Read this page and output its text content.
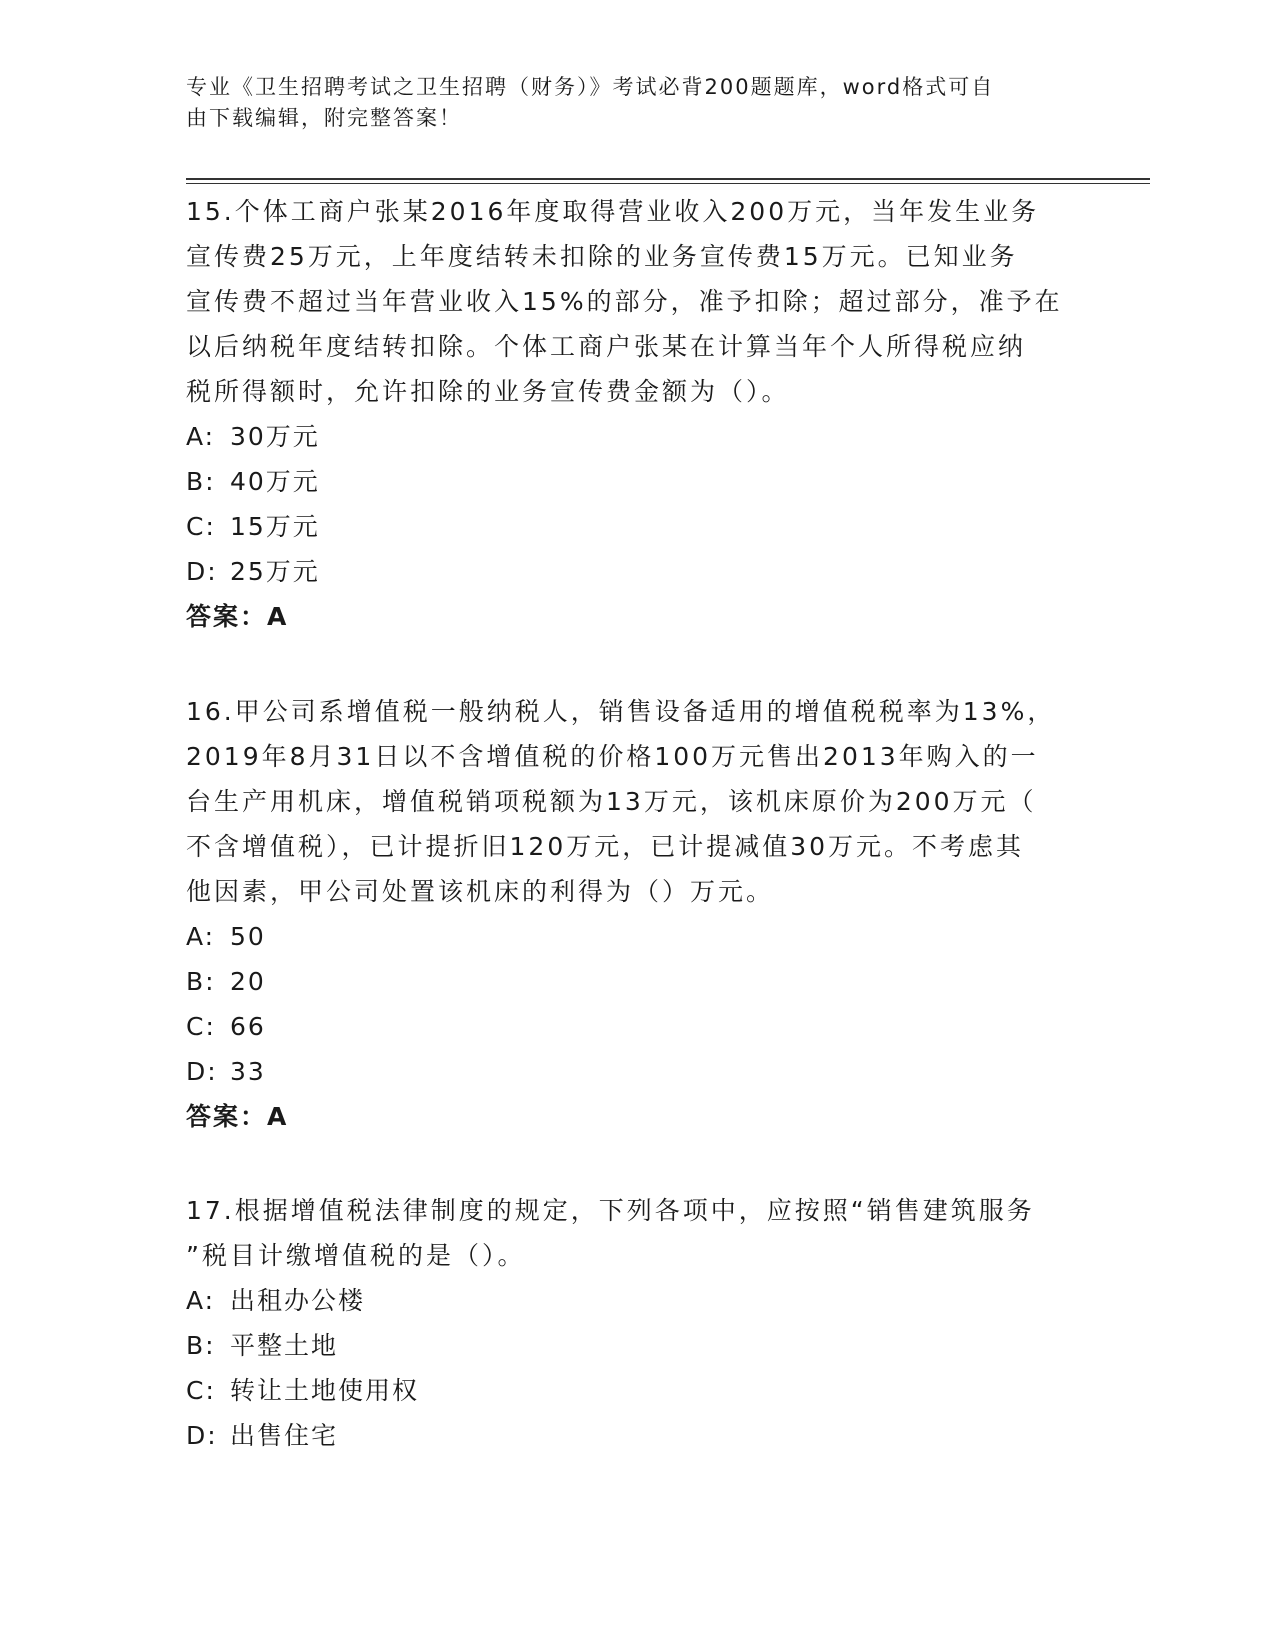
专业《卫生招聘考试之卫生招聘（财务）》考试必背200题题库，word格式可自
由下载编辑，附完整答案！

15.个体工商户张某2016年度取得营业收入200万元，当年发生业务

宣传费25万元，上年度结转未扣除的业务宣传费15万元。已知业务

宣传费不超过当年营业收入15%的部分，准予扣除；超过部分，准予在

以后纳税年度结转扣除。个体工商户张某在计算当年个人所得税应纳

税所得额时，允许扣除的业务宣传费金额为（）。

A: 30万元

B: 40万元

C: 15万元

D: 25万元

答案：A

16.甲公司系增值税一般纳税人，销售设备适用的增值税税率为13%，

2019年8月31日以不含增值税的价格100万元售出2013年购入的一

台生产用机床，增值税销项税额为13万元，该机床原价为200万元（

不含增值税），已计提折旧120万元，已计提减值30万元。不考虑其

他因素，甲公司处置该机床的利得为（）万元。

A: 50

B: 20

C: 66

D: 33

答案：A

17.根据增值税法律制度的规定，下列各项中，应按照“销售建筑服务

”税目计缴增值税的是（）。

A: 出租办公楼

B: 平整土地

C: 转让土地使用权

D: 出售住宅
